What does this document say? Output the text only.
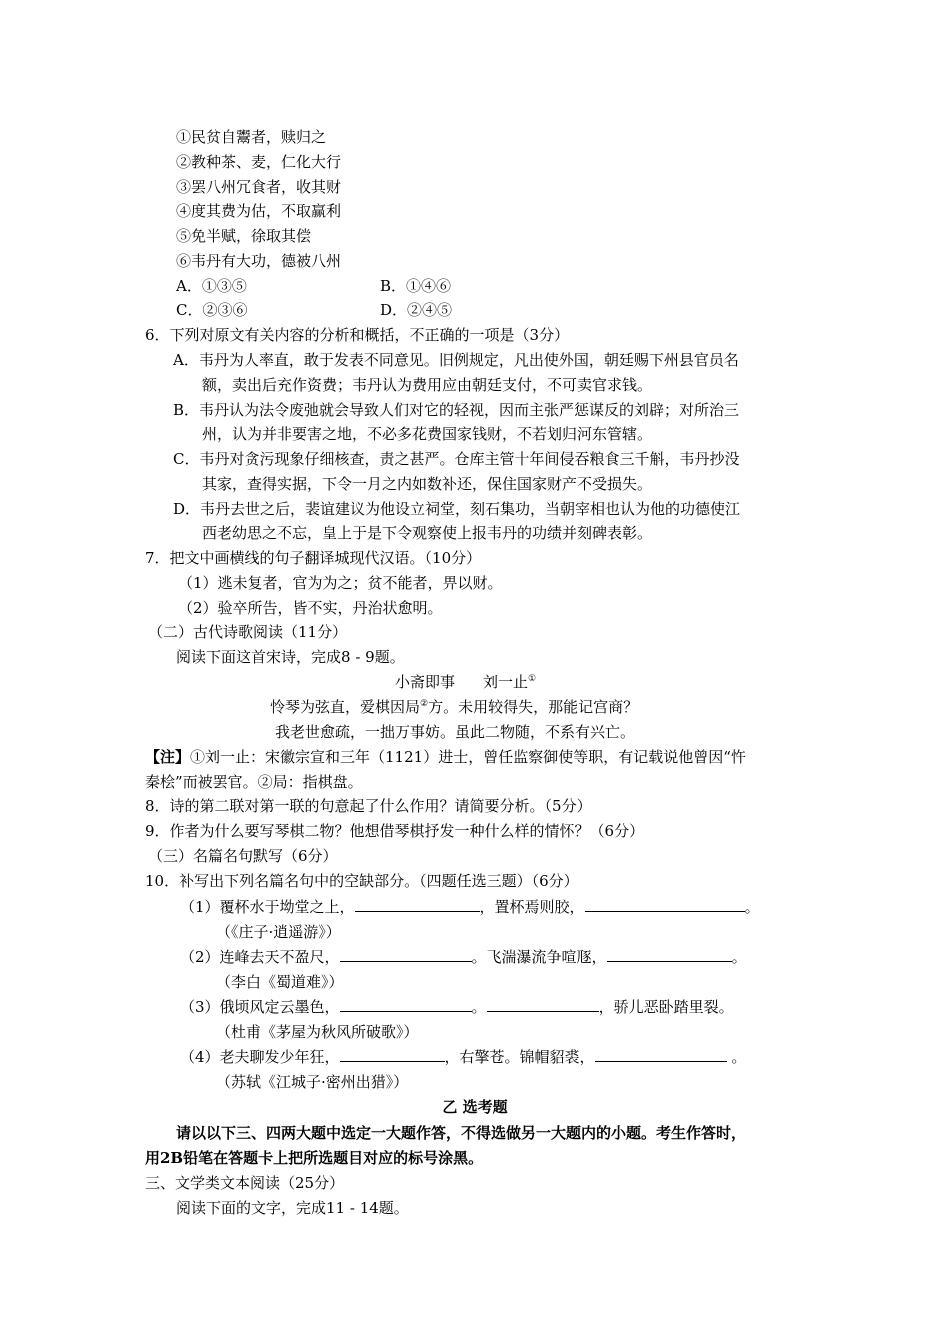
①民贫自鬻者，赎归之
②教种茶、麦，仁化大行
③罢八州冗食者，收其财
④度其费为估，不取赢利
⑤免半赋，徐取其偿
⑥韦丹有大功，德被八州
A．①③⑤	B．①④⑥
C．②③⑥	D．②④⑤
6．下列对原文有关内容的分析和概括，不正确的一项是（3分）
A．韦丹为人率直，敢于发表不同意见。旧例规定，凡出使外国，朝廷赐下州县官员名
额，卖出后充作资费；韦丹认为费用应由朝廷支付，不可卖官求钱。
B．韦丹认为法令废弛就会导致人们对它的轻视，因而主张严惩谋反的刘辟；对所治三
州，认为并非要害之地，不必多花费国家钱财，不若划归河东管辖。
C．韦丹对贪污现象仔细核查，责之甚严。仓库主管十年间侵吞粮食三千斛，韦丹抄没
其家，查得实据，下令一月之内如数补还，保住国家财产不受损失。
D．韦丹去世之后，裴谊建议为他设立祠堂，刻石集功，当朝宰相也认为他的功德使江
西老幼思之不忘，皇上于是下令观察使上报韦丹的功绩并刻碑表彰。
7．把文中画横线的句子翻译城现代汉语。（10分）
（1）逃未复者，官为为之；贫不能者，畀以财。
（2）验卒所告，皆不实，丹治状愈明。
（二）古代诗歌阅读（11分）
阅读下面这首宋诗，完成8 - 9题。
小斋即事 刘一止①
怜琴为弦直，爱棋因局②方。未用较得失，那能记宫商？
我老世愈疏，一拙万事妨。虽此二物随，不系有兴亡。
【注】①刘一止：宋徽宗宣和三年（1121）进士，曾任监察御使等职，有记载说他曾因“忤
秦桧”而被罢官。②局：指棋盘。
8．诗的第二联对第一联的句意起了什么作用？请简要分析。（5分）
9．作者为什么要写琴棋二物？他想借琴棋抒发一种什么样的情怀？（6分）
（三）名篇名句默写（6分）
10．补写出下列名篇名句中的空缺部分。（四题任选三题）（6分）
（1）覆杯水于坳堂之上，	，置杯焉则胶，	。
（《庄子·逍遥游》）
（2）连峰去天不盈尺，	。飞湍瀑流争喧豗，	。
（李白《蜀道难》）
（3）俄顷风定云墨色，	。	，骄儿恶卧踏里裂。
（杜甫《茅屋为秋风所破歌》）
（4）老夫聊发少年狂，	，右擎苍。锦帽貂裘，	。
（苏轼《江城子·密州出猎》）
乙 选考题
请以以下三、四两大题中选定一大题作答，不得选做另一大题内的小题。考生作答时，
用2B铅笔在答题卡上把所选题目对应的标号涂黑。
三、文学类文本阅读（25分）
阅读下面的文字，完成11 - 14题。
